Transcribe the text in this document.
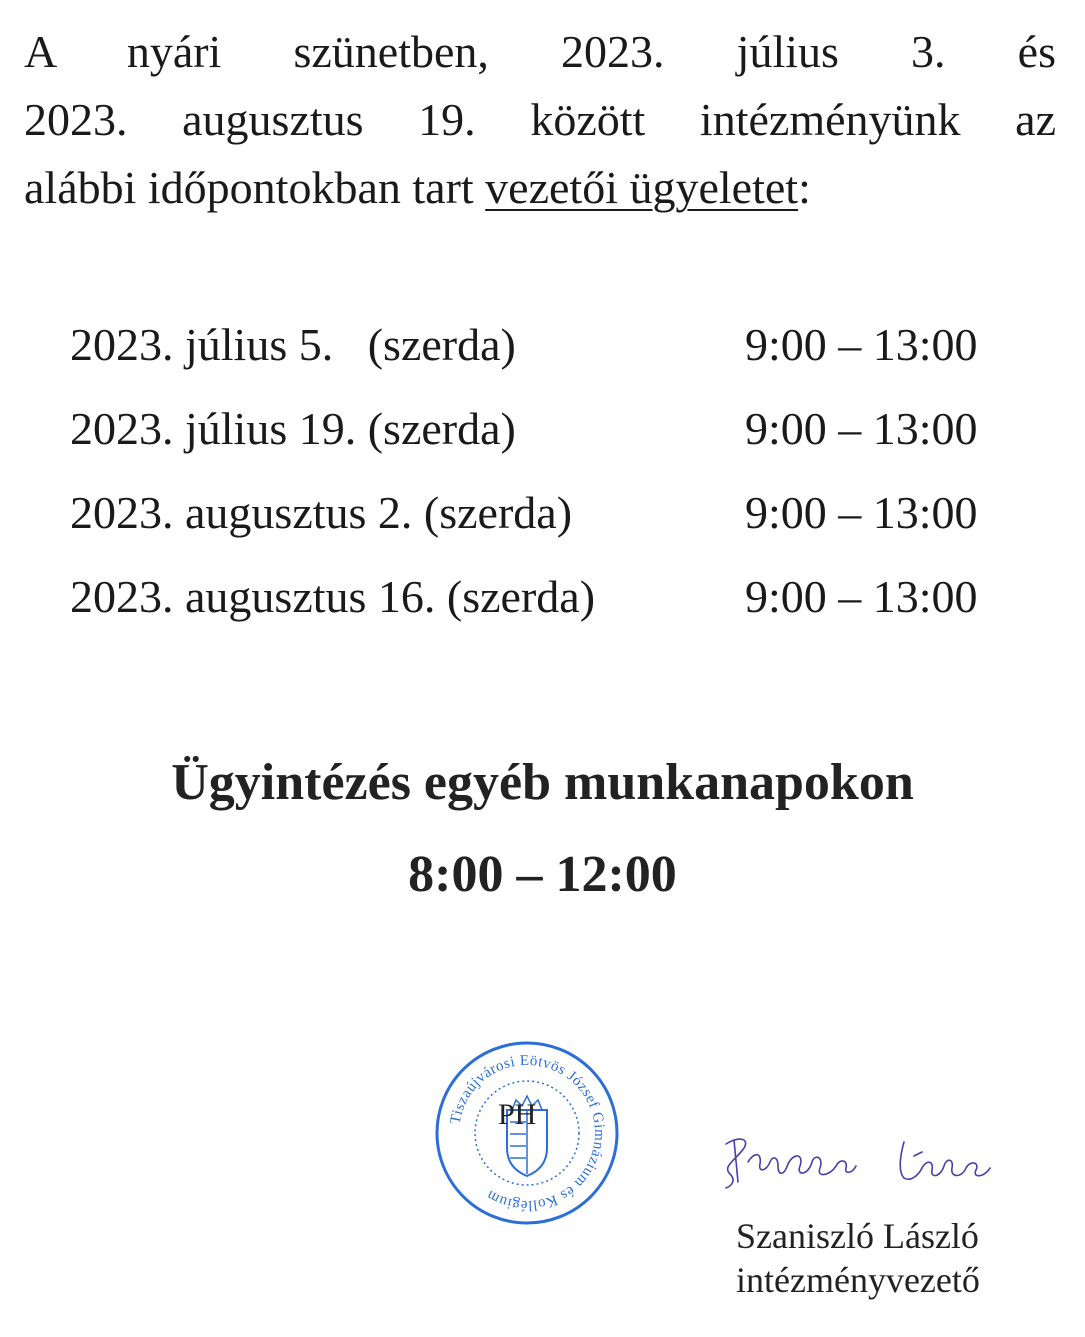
A nyári szünetben, 2023. július 3. és
2023. augusztus 19. között intézményünk az
alábbi időpontokban tart vezetői ügyeletet:
2023. július 5.   (szerda)	9:00 – 13:00
2023. július 19. (szerda)	9:00 – 13:00
2023. augusztus 2. (szerda)	9:00 – 13:00
2023. augusztus 16. (szerda)	9:00 – 13:00
Ügyintézés egyéb munkanapokon
8:00 – 12:00
Tiszaújvárosi Eötvös József Gimnázium és Kollégium
PH
Szaniszló László
intézményvezető
